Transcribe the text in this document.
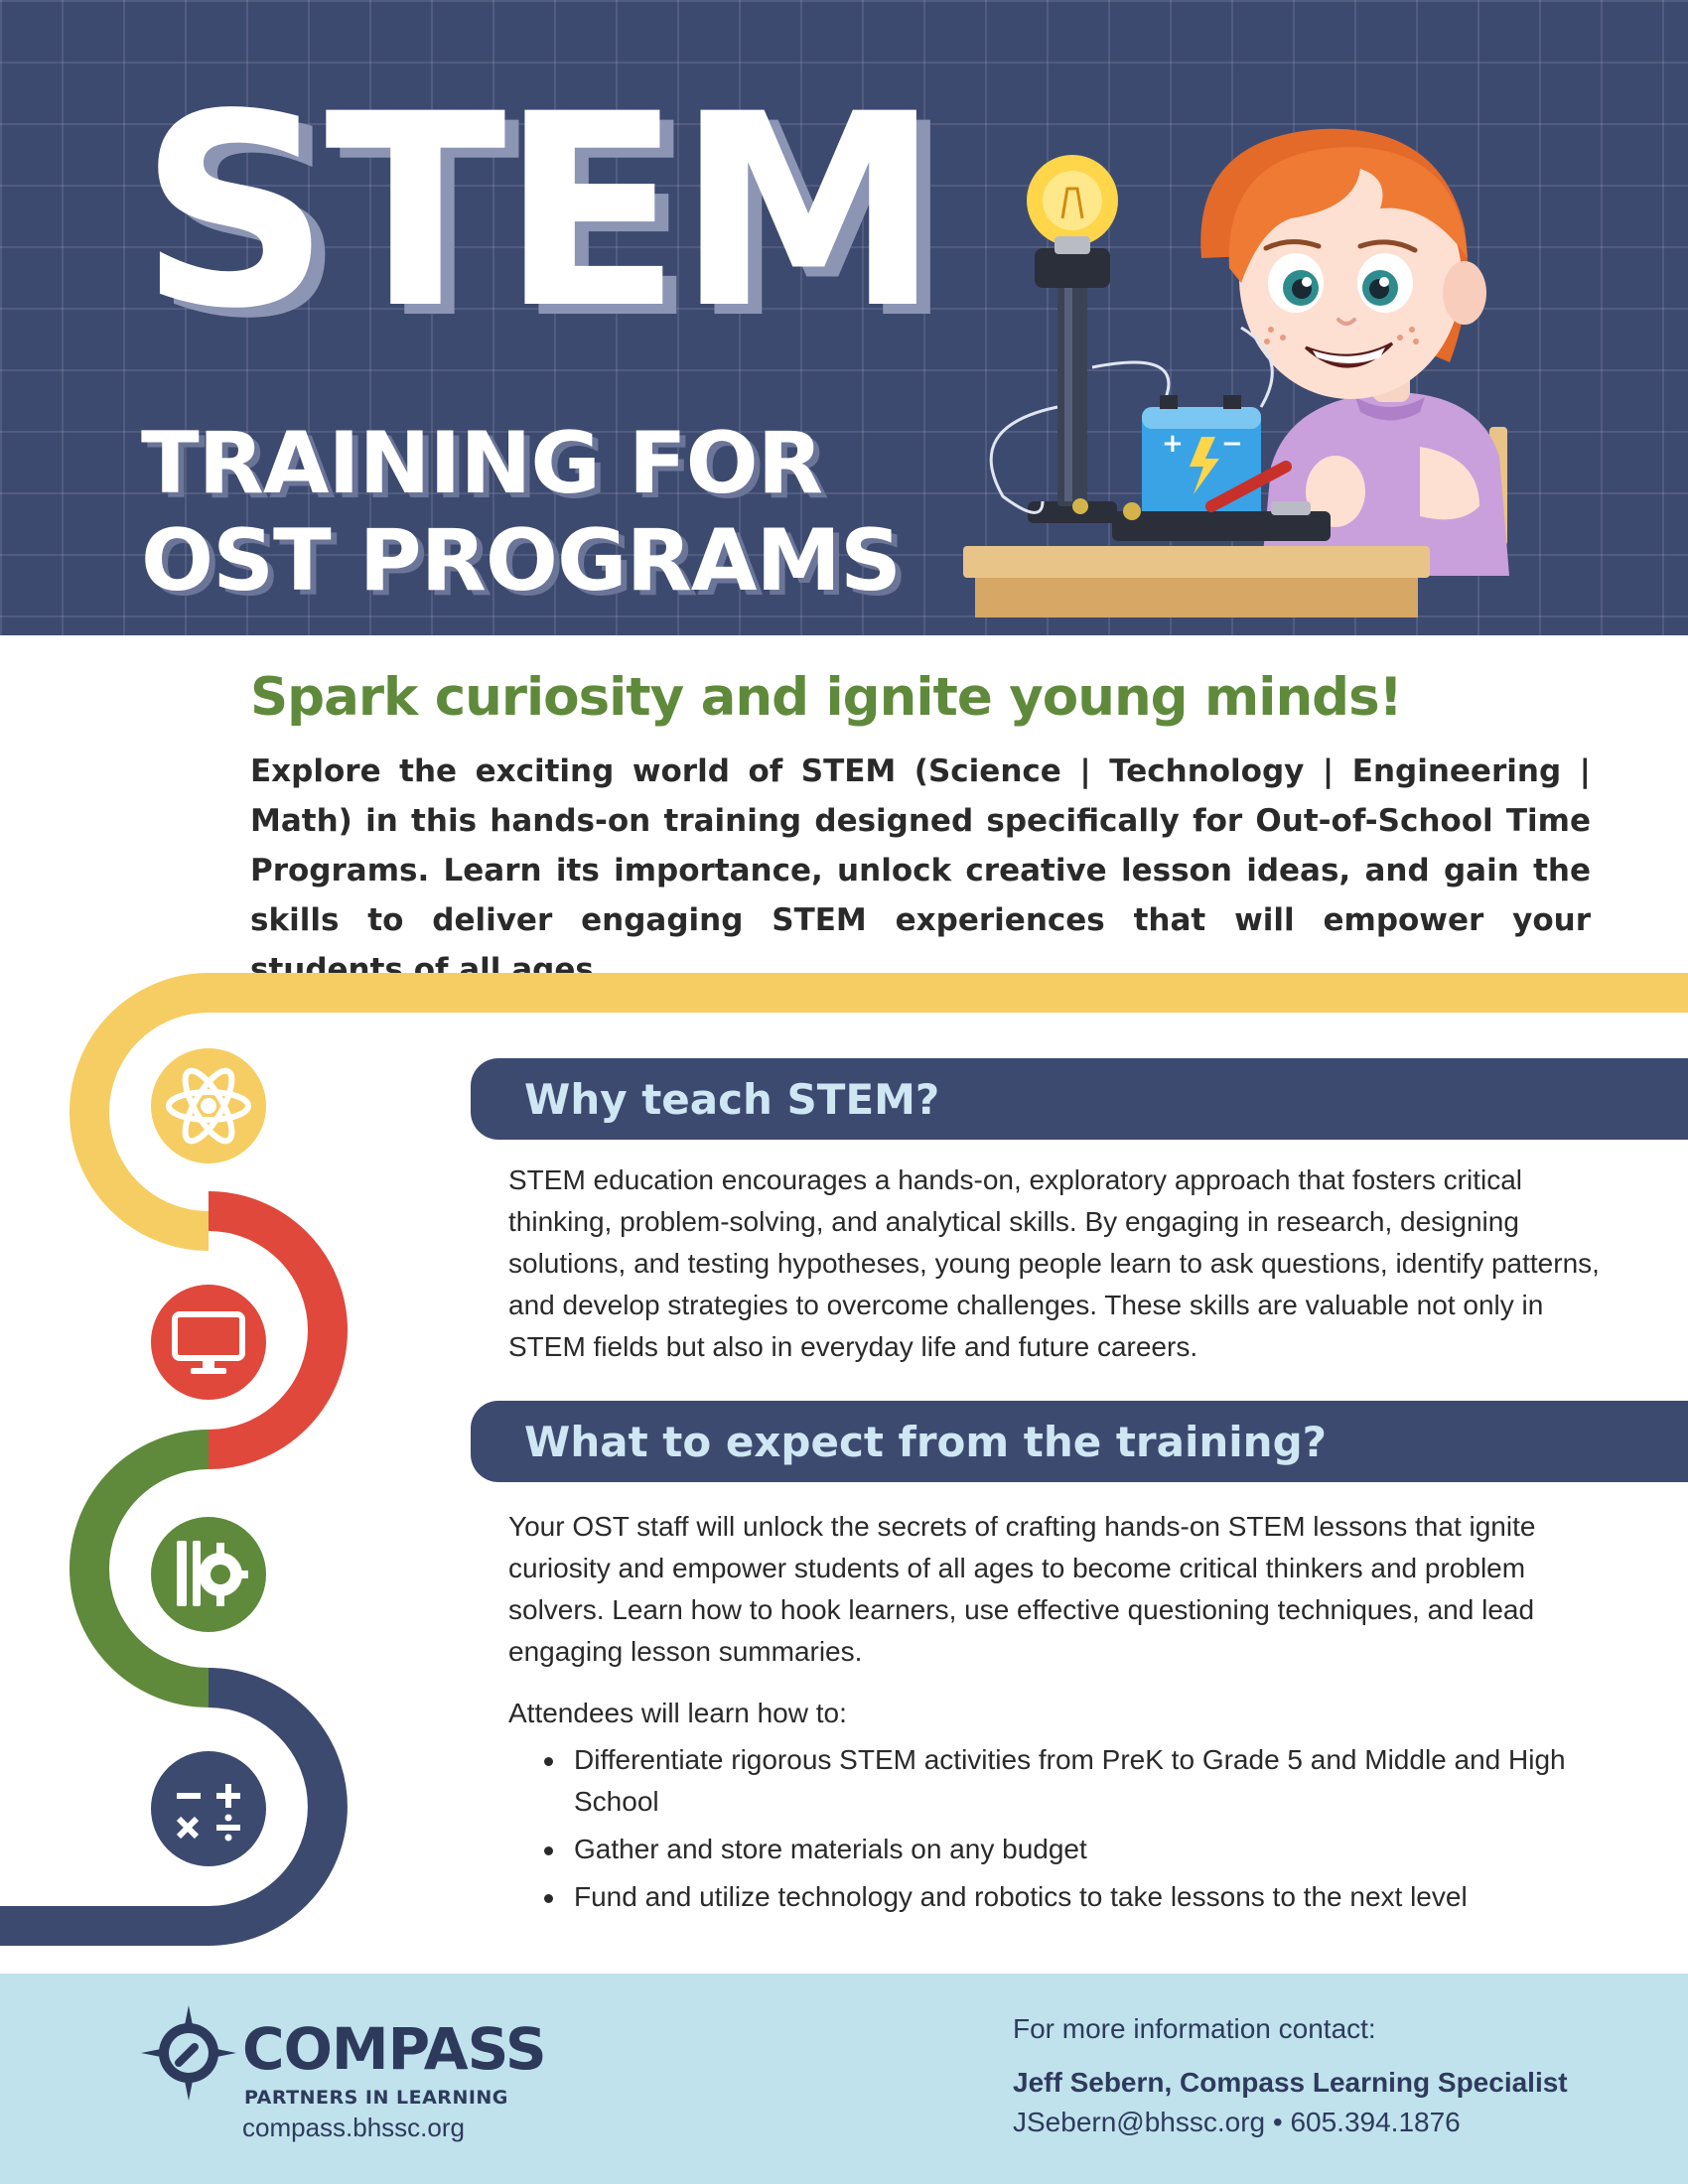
STEM
TRAINING FOR
OST PROGRAMS
+ −
Spark curiosity and ignite young minds!

Explore the exciting world of STEM (Science | Technology | Engineering | Math) in this hands-on training designed specifically for Out-of-School Time Programs. Learn its importance, unlock creative lesson ideas, and gain the skills to deliver engaging STEM experiences that will empower your students of all ages.

Why teach STEM?

STEM education encourages a hands-on, exploratory approach that fosters critical thinking, problem-solving, and analytical skills. By engaging in research, designing solutions, and testing hypotheses, young people learn to ask questions, identify patterns, and develop strategies to overcome challenges. These skills are valuable not only in STEM fields but also in everyday life and future careers.

What to expect from the training?

Your OST staff will unlock the secrets of crafting hands-on STEM lessons that ignite curiosity and empower students of all ages to become critical thinkers and problem solvers. Learn how to hook learners, use effective questioning techniques, and lead engaging lesson summaries.

Attendees will learn how to:

Differentiate rigorous STEM activities from PreK to Grade 5 and Middle and High School
Gather and store materials on any budget
Fund and utilize technology and robotics to take lessons to the next level
COMPASS
PARTNERS IN LEARNING
compass.bhssc.org
For more information contact:
Jeff Sebern, Compass Learning Specialist
JSebern@bhssc.org • 605.394.1876
